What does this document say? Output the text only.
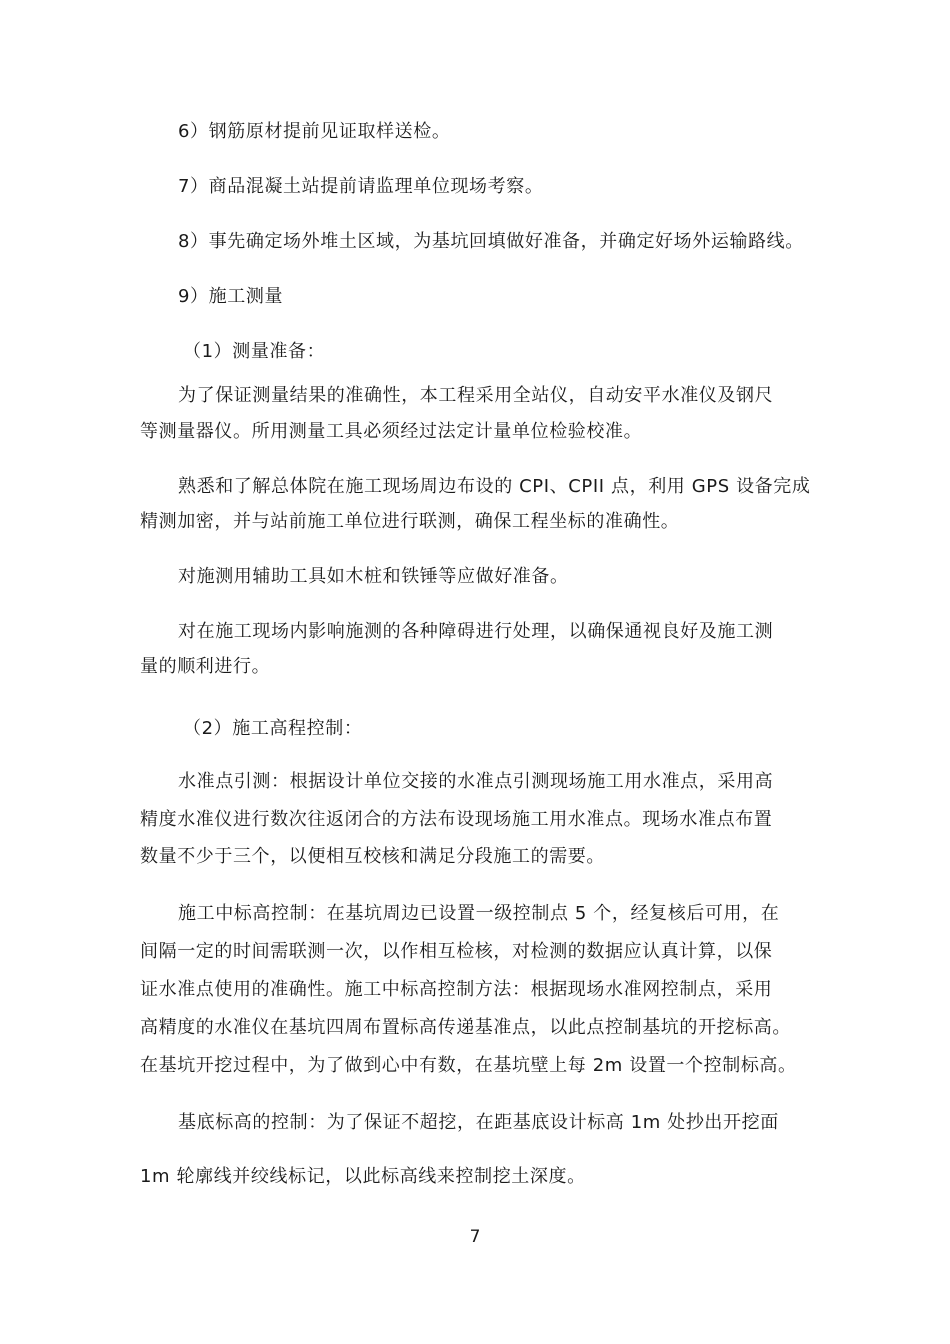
6）钢筋原材提前见证取样送检。
7）商品混凝土站提前请监理单位现场考察。
8）事先确定场外堆土区域，为基坑回填做好准备，并确定好场外运输路线。
9）施工测量
（1）测量准备：
为了保证测量结果的准确性，本工程采用全站仪，自动安平水准仪及钢尺
等测量器仪。所用测量工具必须经过法定计量单位检验校准。
熟悉和了解总体院在施工现场周边布设的 CPI、CPII 点，利用 GPS 设备完成
精测加密，并与站前施工单位进行联测，确保工程坐标的准确性。
对施测用辅助工具如木桩和铁锤等应做好准备。
对在施工现场内影响施测的各种障碍进行处理，以确保通视良好及施工测
量的顺利进行。
（2）施工高程控制：
水准点引测：根据设计单位交接的水准点引测现场施工用水准点，采用高
精度水准仪进行数次往返闭合的方法布设现场施工用水准点。现场水准点布置
数量不少于三个，以便相互校核和满足分段施工的需要。
施工中标高控制：在基坑周边已设置一级控制点 5 个，经复核后可用，在
间隔一定的时间需联测一次，以作相互检核，对检测的数据应认真计算，以保
证水准点使用的准确性。施工中标高控制方法：根据现场水准网控制点，采用
高精度的水准仪在基坑四周布置标高传递基准点，以此点控制基坑的开挖标高。
在基坑开挖过程中，为了做到心中有数，在基坑壁上每 2m 设置一个控制标高。
基底标高的控制：为了保证不超挖，在距基底设计标高 1m 处抄出开挖面
1m 轮廓线并绞线标记，以此标高线来控制挖土深度。
7
